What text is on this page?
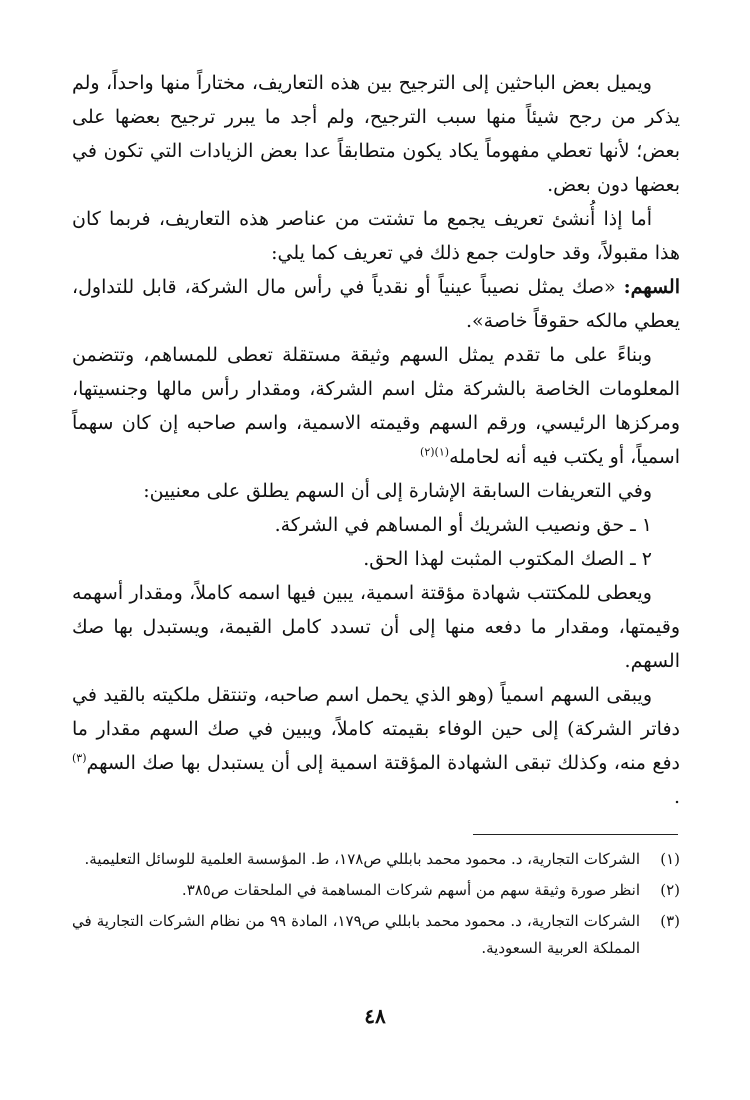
ويميل بعض الباحثين إلى الترجيح بين هذه التعاريف، مختاراً منها واحداً، ولم يذكر من رجح شيئاً منها سبب الترجيح، ولم أجد ما يبرر ترجيح بعضها على بعض؛ لأنها تعطي مفهوماً يكاد يكون متطابقاً عدا بعض الزيادات التي تكون في بعضها دون بعض.

أما إذا أُنشئ تعريف يجمع ما تشتت من عناصر هذه التعاريف، فربما كان هذا مقبولاً، وقد حاولت جمع ذلك في تعريف كما يلي:

السهم: «صك يمثل نصيباً عينياً أو نقدياً في رأس مال الشركة، قابل للتداول، يعطي مالكه حقوقاً خاصة».

وبناءً على ما تقدم يمثل السهم وثيقة مستقلة تعطى للمساهم، وتتضمن المعلومات الخاصة بالشركة مثل اسم الشركة، ومقدار رأس مالها وجنسيتها، ومركزها الرئيسي، ورقم السهم وقيمته الاسمية، واسم صاحبه إن كان سهماً اسمياً، أو يكتب فيه أنه لحامله$^{(١)(٢)}$

وفي التعريفات السابقة الإشارة إلى أن السهم يطلق على معنيين:

١ ـ حق ونصيب الشريك أو المساهم في الشركة.

٢ ـ الصك المكتوب المثبت لهذا الحق.

ويعطى للمكتتب شهادة مؤقتة اسمية، يبين فيها اسمه كاملاً، ومقدار أسهمه وقيمتها، ومقدار ما دفعه منها إلى أن تسدد كامل القيمة، ويستبدل بها صك السهم.

ويبقى السهم اسمياً (وهو الذي يحمل اسم صاحبه، وتنتقل ملكيته بالقيد في دفاتر الشركة) إلى حين الوفاء بقيمته كاملاً، ويبين في صك السهم مقدار ما دفع منه، وكذلك تبقى الشهادة المؤقتة اسمية إلى أن يستبدل بها صك السهم$^{(٣)}$ .

(١)
الشركات التجارية، د. محمود محمد بابللي ص١٧٨، ط. المؤسسة العلمية للوسائل التعليمية.
(٢)
انظر صورة وثيقة سهم من أسهم شركات المساهمة في الملحقات ص٣٨٥.
(٣)
الشركات التجارية، د. محمود محمد بابللي ص١٧٩، المادة ٩٩ من نظام الشركات التجارية في المملكة العربية السعودية.
٤٨
